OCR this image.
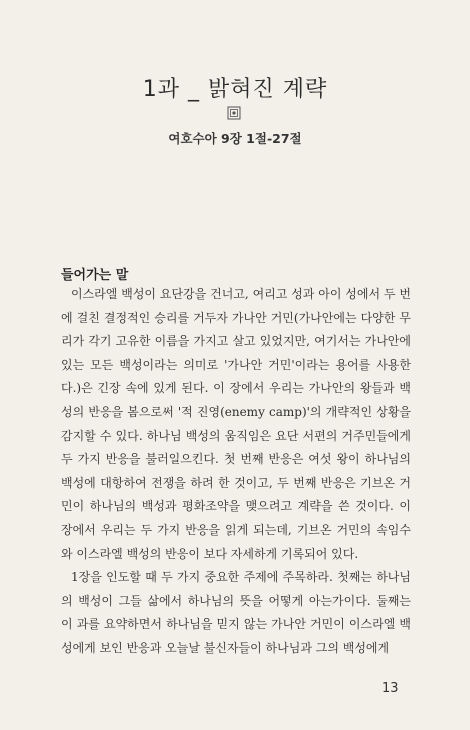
1과 _ 밝혀진 계략
여호수아 9장 1절-27절
들어가는 말

이스라엘 백성이 요단강을 건너고, 여리고 성과 아이 성에서 두 번에 걸친 결정적인 승리를 거두자 가나안 거민(가나안에는 다양한 무리가 각기 고유한 이름을 가지고 살고 있었지만, 여기서는 가나안에 있는 모든 백성이라는 의미로 '가나안 거민'이라는 용어를 사용한다.)은 긴장 속에 있게 된다. 이 장에서 우리는 가나안의 왕들과 백성의 반응을 봄으로써 '적 진영(enemy camp)'의 개략적인 상황을 감지할 수 있다. 하나님 백성의 움직임은 요단 서편의 거주민들에게 두 가지 반응을 불러일으킨다. 첫 번째 반응은 여섯 왕이 하나님의 백성에 대항하여 전쟁을 하려 한 것이고, 두 번째 반응은 기브온 거민이 하나님의 백성과 평화조약을 맺으려고 계략을 쓴 것이다. 이 장에서 우리는 두 가지 반응을 읽게 되는데, 기브온 거민의 속임수와 이스라엘 백성의 반응이 보다 자세하게 기록되어 있다.

1장을 인도할 때 두 가지 중요한 주제에 주목하라. 첫째는 하나님의 백성이 그들 삶에서 하나님의 뜻을 어떻게 아는가이다. 둘째는 이 과를 요약하면서 하나님을 믿지 않는 가나안 거민이 이스라엘 백성에게 보인 반응과 오늘날 불신자들이 하나님과 그의 백성에게

13
